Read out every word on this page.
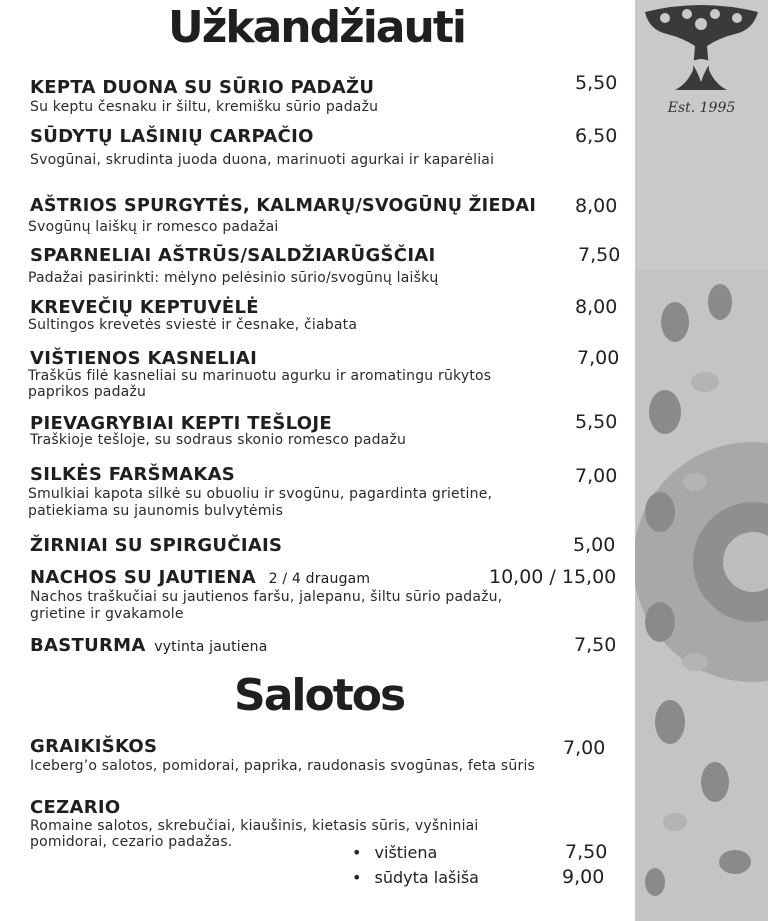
Est. 1995
Užkandžiauti
KEPTA DUONA SU SŪRIO PADAŽU
Su keptu česnaku ir šiltu, kremišku sūrio padažu
5,50
SŪDYTŲ LAŠINIŲ CARPAČIO
Svogūnai, skrudinta juoda duona, marinuoti agurkai ir kaparėliai
6,50
AŠTRIOS SPURGYTĖS, KALMARŲ/SVOGŪNŲ ŽIEDAI
Svogūnų laiškų ir romesco padažai
8,00
SPARNELIAI AŠTRŪS/SALDŽIARŪGŠČIAI
Padažai pasirinkti: mėlyno pelėsinio sūrio/svogūnų laiškų
7,50
KREVEČIŲ KEPTUVĖLĖ
Sultingos krevetės sviestė ir česnake, čiabata
8,00
VIŠTIENOS KASNELIAI
Traškūs filė kasneliai su marinuotu agurku ir aromatingu rūkytos paprikos padažu
7,00
PIEVAGRYBIAI KEPTI TEŠLOJE
Traškioje tešloje, su sodraus skonio romesco padažu
5,50
SILKĖS FARŠMAKAS
Smulkiai kapota silkė su obuoliu ir svogūnu, pagardinta grietine, patiekiama su jaunomis bulvytėmis
7,00
ŽIRNIAI SU SPIRGUČIAIS	5,00
NACHOS SU JAUTIENA 2 / 4 draugam
Nachos traškučiai su jautienos faršu, jalepanu, šiltu sūrio padažu, grietine ir gvakamole
10,00 / 15,00
BASTURMA vytinta jautiena	7,50
Salotos
GRAIKIŠKOS
Iceberg’o salotos, pomidorai, paprika, raudonasis svogūnas, feta sūris
7,00
CEZARIO
Romaine salotos, skrebučiai, kiaušinis, kietasis sūris, vyšniniai pomidorai, cezario padažas.
• vištiena	7,50
• sūdyta lašiša	9,00
